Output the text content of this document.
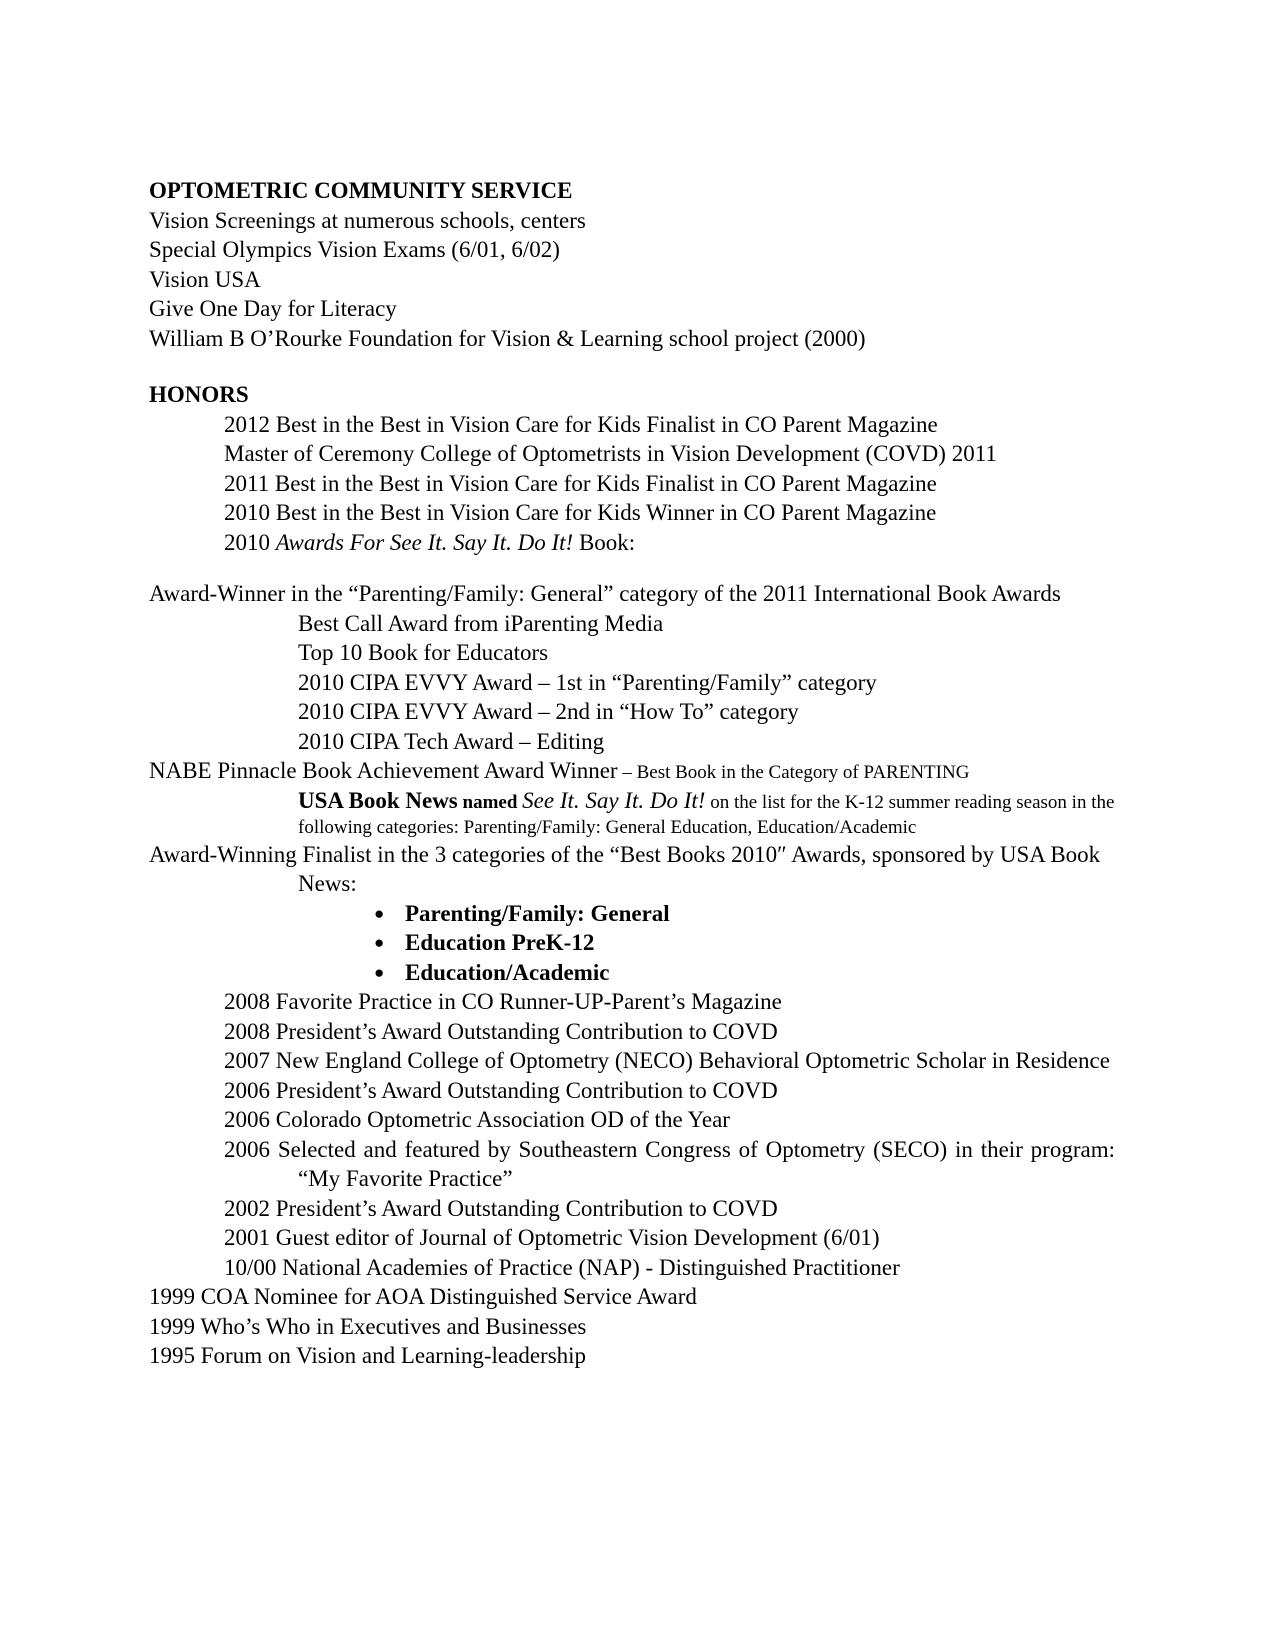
OPTOMETRIC COMMUNITY SERVICE
Vision Screenings at numerous schools, centers
Special Olympics Vision Exams (6/01, 6/02)
Vision USA
Give One Day for Literacy
William B O’Rourke Foundation for Vision & Learning school project (2000)
HONORS
2012 Best in the Best in Vision Care for Kids Finalist in CO Parent Magazine
Master of Ceremony College of Optometrists in Vision Development (COVD) 2011
2011 Best in the Best in Vision Care for Kids Finalist in CO Parent Magazine
2010 Best in the Best in Vision Care for Kids Winner in CO Parent Magazine
2010 Awards For See It. Say It. Do It! Book:
Award-Winner in the “Parenting/Family: General” category of the 2011 International Book Awards
Best Call Award from iParenting Media
Top 10 Book for Educators
2010 CIPA EVVY Award – 1st in “Parenting/Family” category
2010 CIPA EVVY Award – 2nd in “How To” category
2010 CIPA Tech Award – Editing
NABE Pinnacle Book Achievement Award Winner – Best Book in the Category of PARENTING
USA Book News named See It. Say It. Do It! on the list for the K-12 summer reading season in the following categories: Parenting/Family: General Education, Education/Academic
Award-Winning Finalist in the 3 categories of the “Best Books 2010″ Awards, sponsored by USA Book News:
● Parenting/Family: General
● Education PreK-12
● Education/Academic
2008 Favorite Practice in CO Runner-UP-Parent’s Magazine
2008 President’s Award Outstanding Contribution to COVD
2007 New England College of Optometry (NECO) Behavioral Optometric Scholar in Residence
2006 President’s Award Outstanding Contribution to COVD
2006 Colorado Optometric Association OD of the Year
2006 Selected and featured by Southeastern Congress of Optometry (SECO) in their program: “My Favorite Practice”
2002 President’s Award Outstanding Contribution to COVD
2001 Guest editor of Journal of Optometric Vision Development (6/01)
10/00 National Academies of Practice (NAP) - Distinguished Practitioner
1999 COA Nominee for AOA Distinguished Service Award
1999 Who’s Who in Executives and Businesses
1995 Forum on Vision and Learning-leadership
